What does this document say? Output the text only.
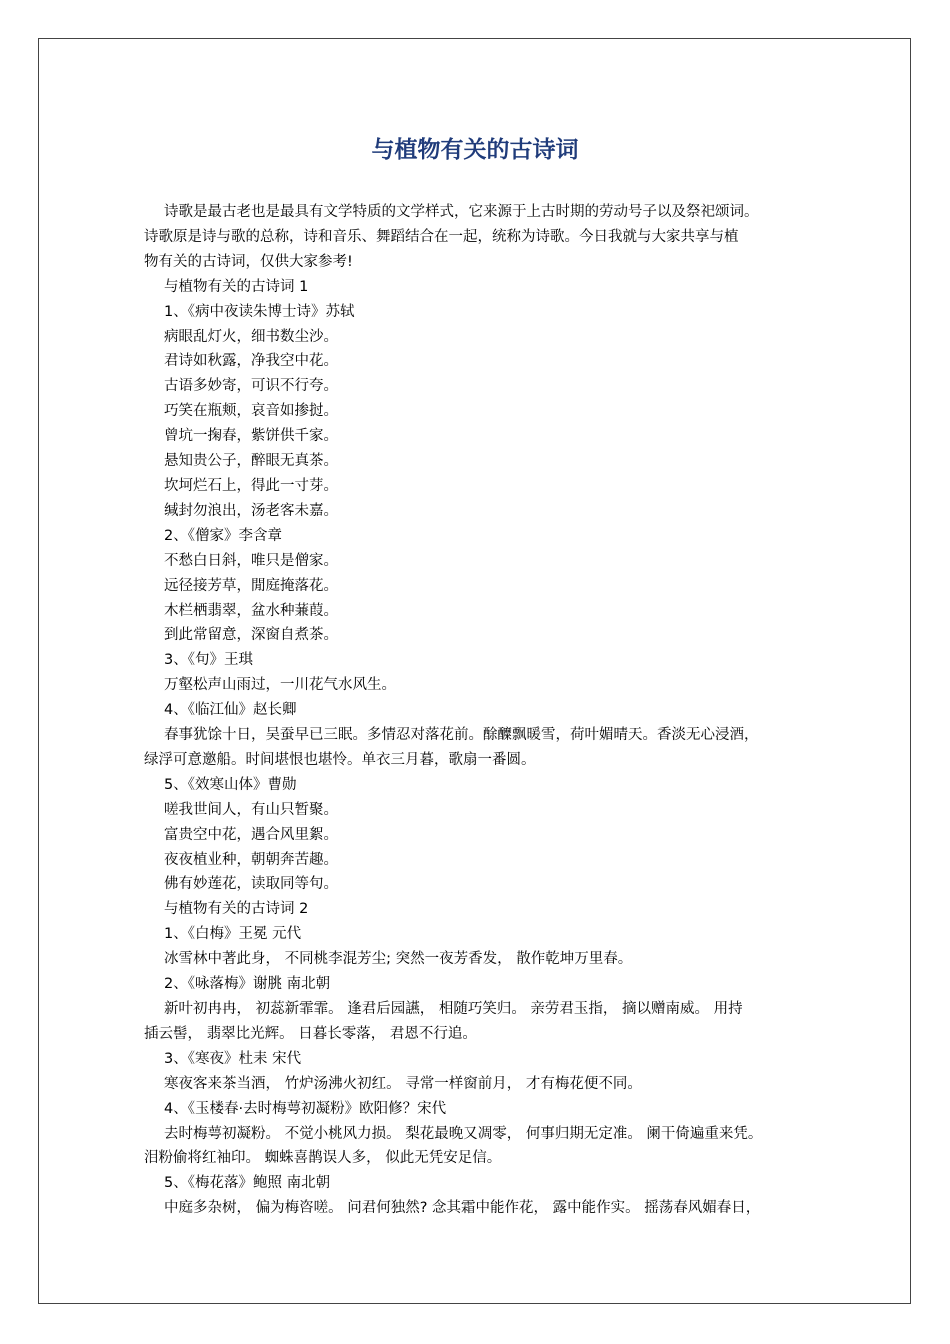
与植物有关的古诗词
诗歌是最古老也是最具有文学特质的文学样式，它来源于上古时期的劳动号子以及祭祀颂词。
诗歌原是诗与歌的总称，诗和音乐、舞蹈结合在一起，统称为诗歌。今日我就与大家共享与植
物有关的古诗词，仅供大家参考!
与植物有关的古诗词 1
1、《病中夜读朱博士诗》苏轼
病眼乱灯火，细书数尘沙。
君诗如秋露，净我空中花。
古语多妙寄，可识不行夸。
巧笑在瓶颊，哀音如掺挝。
曾坑一掬春，紫饼供千家。
悬知贵公子，醉眼无真茶。
坎坷烂石上，得此一寸芽。
缄封勿浪出，汤老客未嘉。
2、《僧家》李含章
不愁白日斜，唯只是僧家。
远径接芳草，閒庭掩落花。
木栏栖翡翠，盆水种蒹葭。
到此常留意，深窗自煮茶。
3、《句》王琪
万壑松声山雨过，一川花气水风生。
4、《临江仙》赵长卿
春事犹馀十日，吴蚕早已三眠。多情忍对落花前。酴醾飘暖雪，荷叶媚晴天。香淡无心浸酒，
绿浮可意邀船。时间堪恨也堪怜。单衣三月暮，歌扇一番圆。
5、《效寒山体》曹勋
嗟我世间人，有山只暂聚。
富贵空中花，遇合风里絮。
夜夜植业种，朝朝奔苦趣。
佛有妙莲花，读取同等句。
与植物有关的古诗词 2
1、《白梅》王冕 元代
冰雪林中著此身， 不同桃李混芳尘; 突然一夜芳香发， 散作乾坤万里春。
2、《咏落梅》谢朓 南北朝
新叶初冉冉， 初蕊新霏霏。 逢君后园讌， 相随巧笑归。 亲劳君玉指， 摘以赠南威。 用持
插云髻， 翡翠比光辉。 日暮长零落， 君恩不行追。
3、《寒夜》杜耒 宋代
寒夜客来茶当酒， 竹炉汤沸火初红。 寻常一样窗前月， 才有梅花便不同。
4、《玉楼春·去时梅萼初凝粉》欧阳修？宋代
去时梅萼初凝粉。 不觉小桃风力损。 梨花最晚又凋零， 何事归期无定准。 阑干倚遍重来凭。
泪粉偷将红袖印。 蜘蛛喜鹊误人多， 似此无凭安足信。
5、《梅花落》鲍照 南北朝
中庭多杂树， 偏为梅咨嗟。 问君何独然? 念其霜中能作花， 露中能作实。 摇荡春风媚春日，
